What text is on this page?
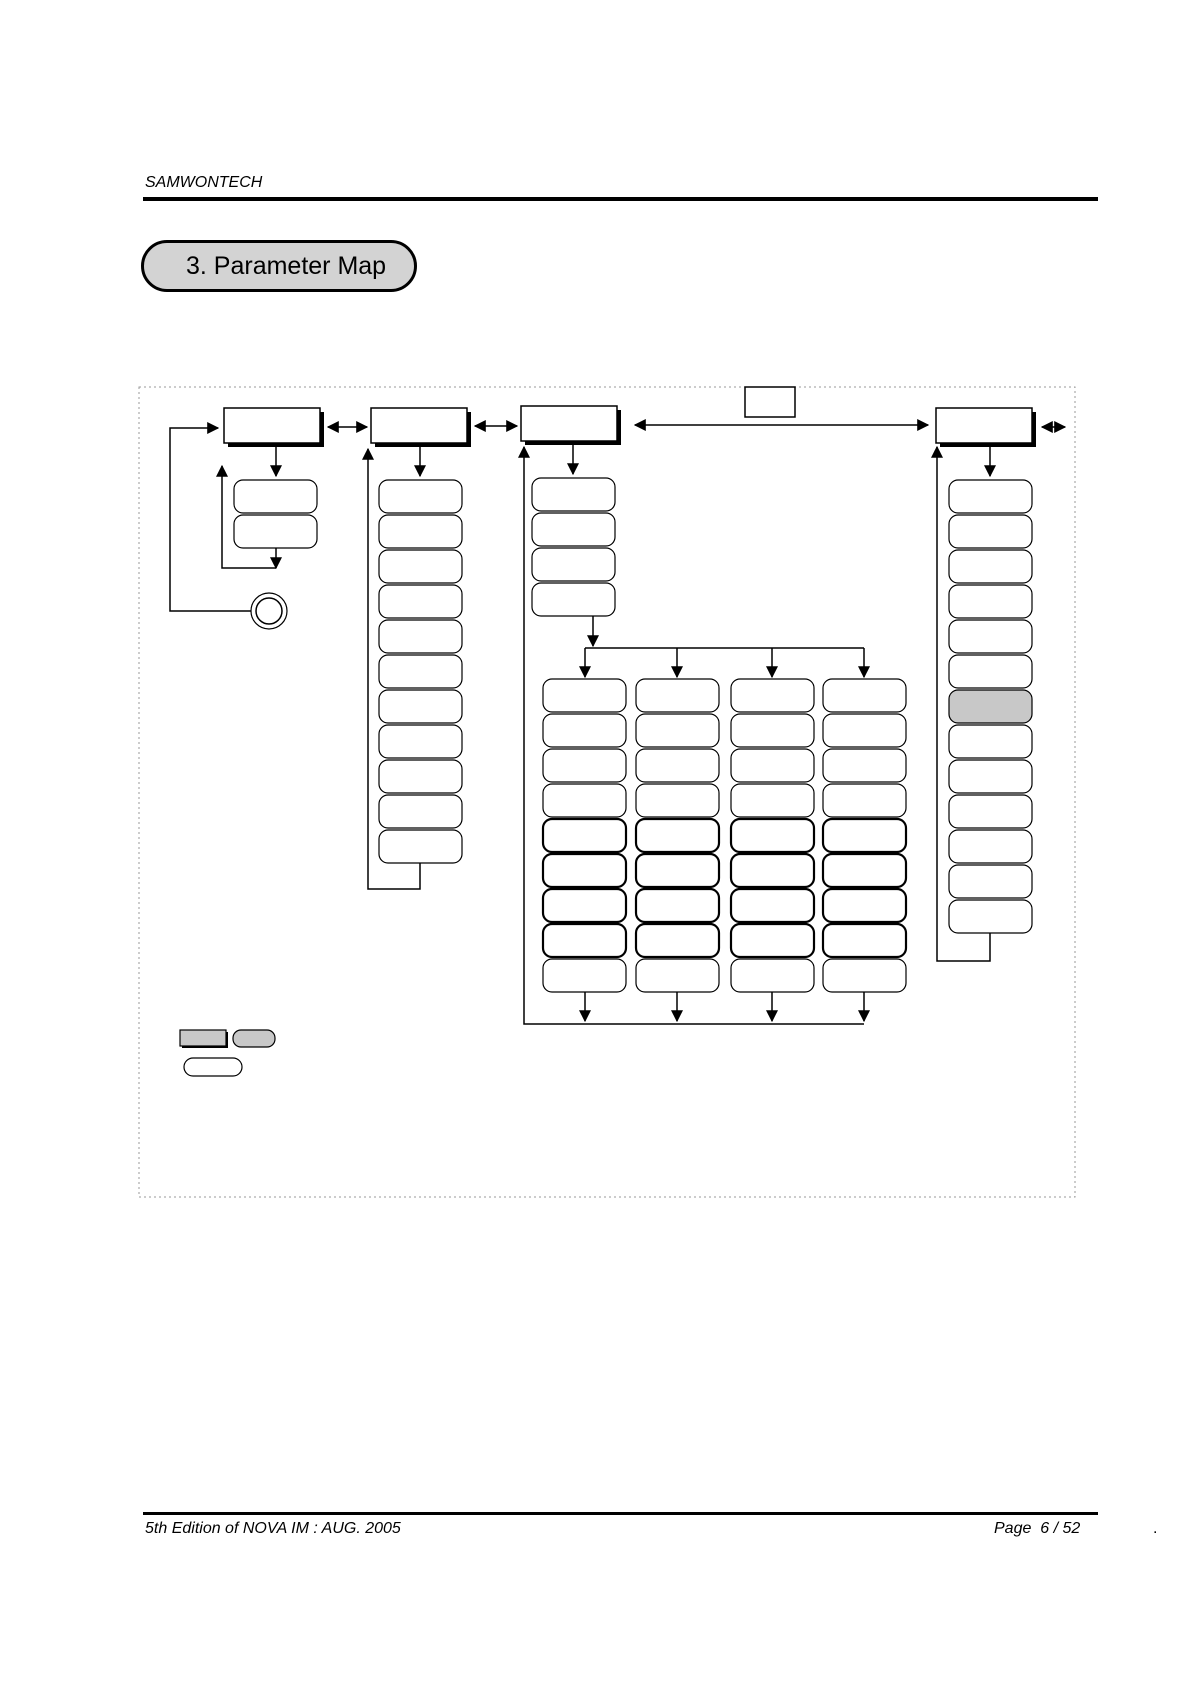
SAMWONTECH
3. Parameter Map
5th Edition of NOVA IM : AUG. 2005	Page  6 / 52	.
